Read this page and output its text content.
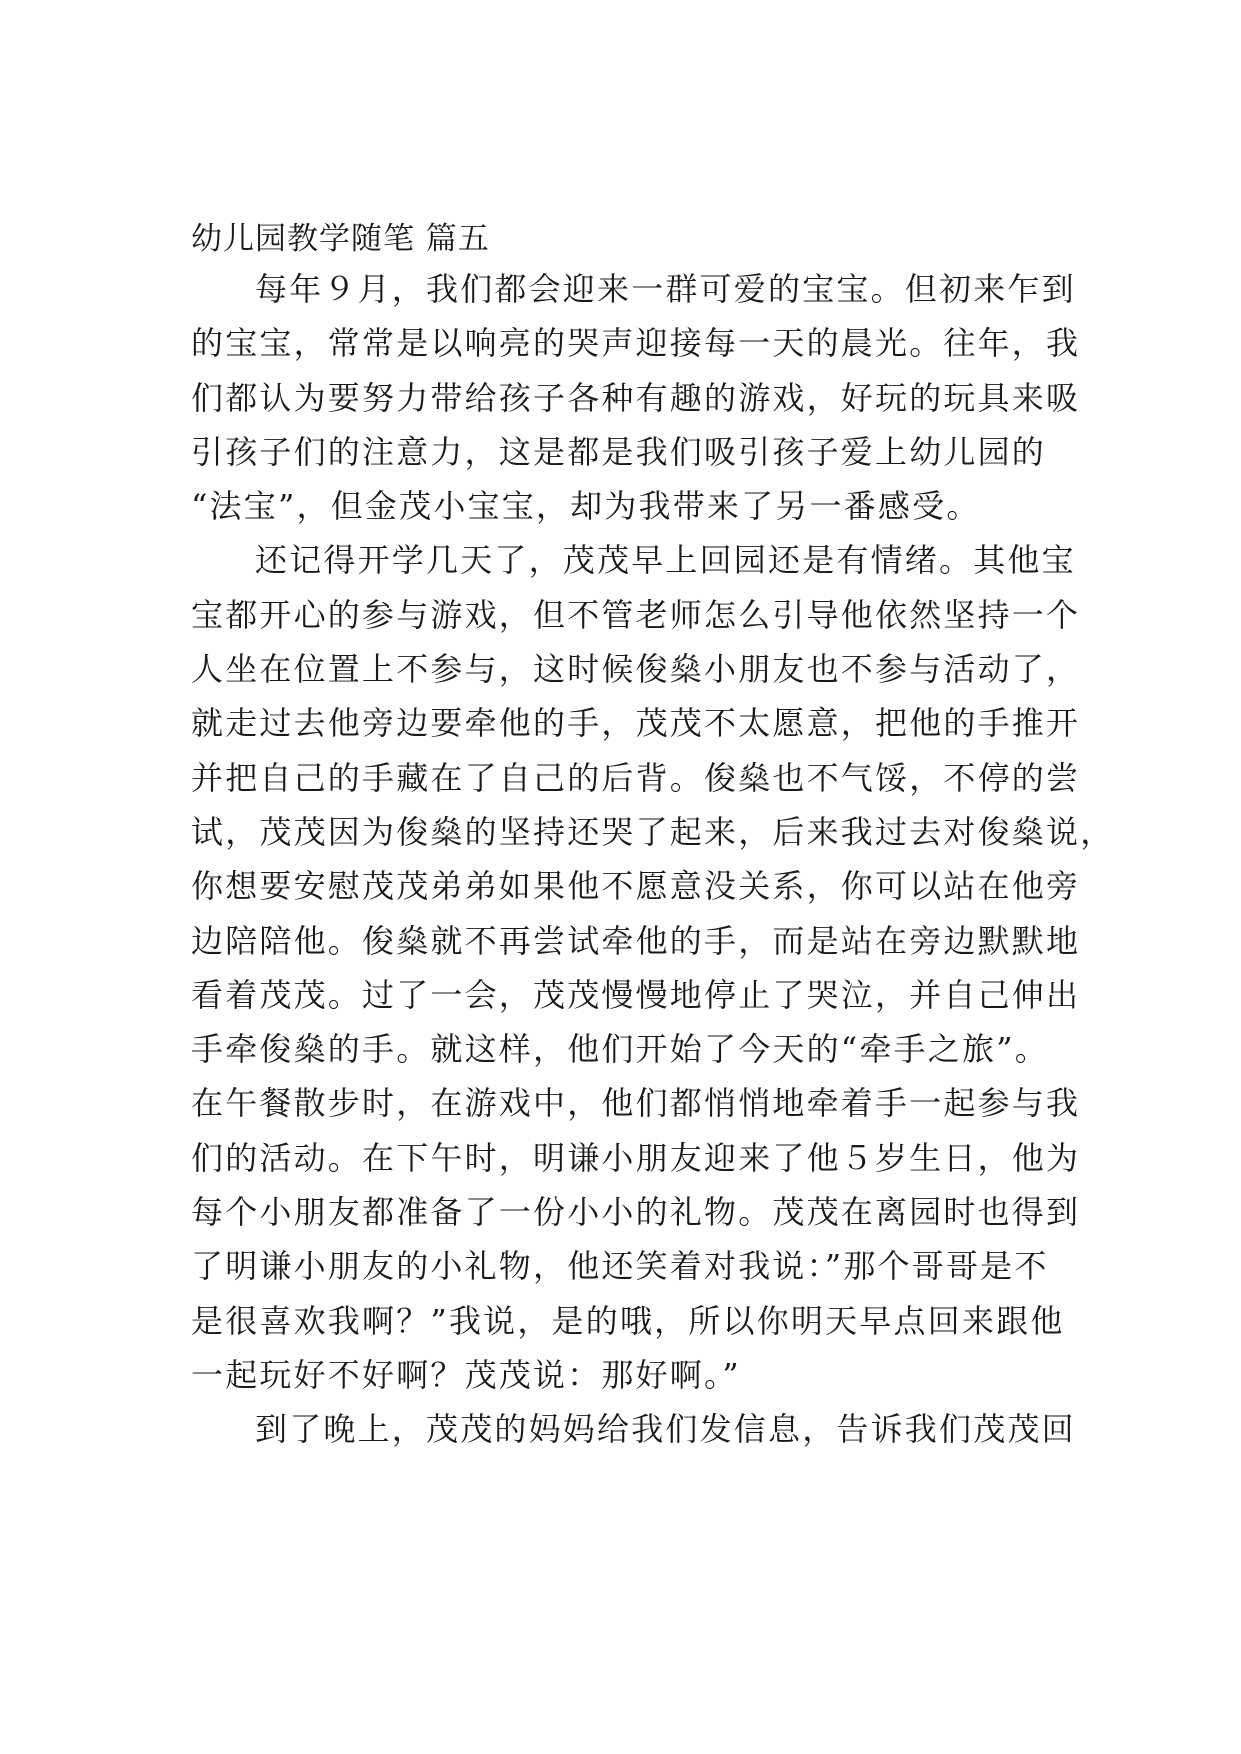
幼儿园教学随笔 篇五
每年９月，我们都会迎来一群可爱的宝宝。但初来乍到
的宝宝，常常是以响亮的哭声迎接每一天的晨光。往年，我
们都认为要努力带给孩子各种有趣的游戏，好玩的玩具来吸
引孩子们的注意力，这是都是我们吸引孩子爱上幼儿园的
“法宝”，但金茂小宝宝，却为我带来了另一番感受。
还记得开学几天了，茂茂早上回园还是有情绪。其他宝
宝都开心的参与游戏，但不管老师怎么引导他依然坚持一个
人坐在位置上不参与，这时候俊燊小朋友也不参与活动了，
就走过去他旁边要牵他的手，茂茂不太愿意，把他的手推开
并把自己的手藏在了自己的后背。俊燊也不气馁，不停的尝
试，茂茂因为俊燊的坚持还哭了起来，后来我过去对俊燊说，
你想要安慰茂茂弟弟如果他不愿意没关系，你可以站在他旁
边陪陪他。俊燊就不再尝试牵他的手，而是站在旁边默默地
看着茂茂。过了一会，茂茂慢慢地停止了哭泣，并自己伸出
手牵俊燊的手。就这样，他们开始了今天的“牵手之旅”。
在午餐散步时，在游戏中，他们都悄悄地牵着手一起参与我
们的活动。在下午时，明谦小朋友迎来了他５岁生日，他为
每个小朋友都准备了一份小小的礼物。茂茂在离园时也得到
了明谦小朋友的小礼物，他还笑着对我说：”那个哥哥是不
是很喜欢我啊？”我说，是的哦，所以你明天早点回来跟他
一起玩好不好啊？茂茂说：那好啊。”
到了晚上，茂茂的妈妈给我们发信息，告诉我们茂茂回
